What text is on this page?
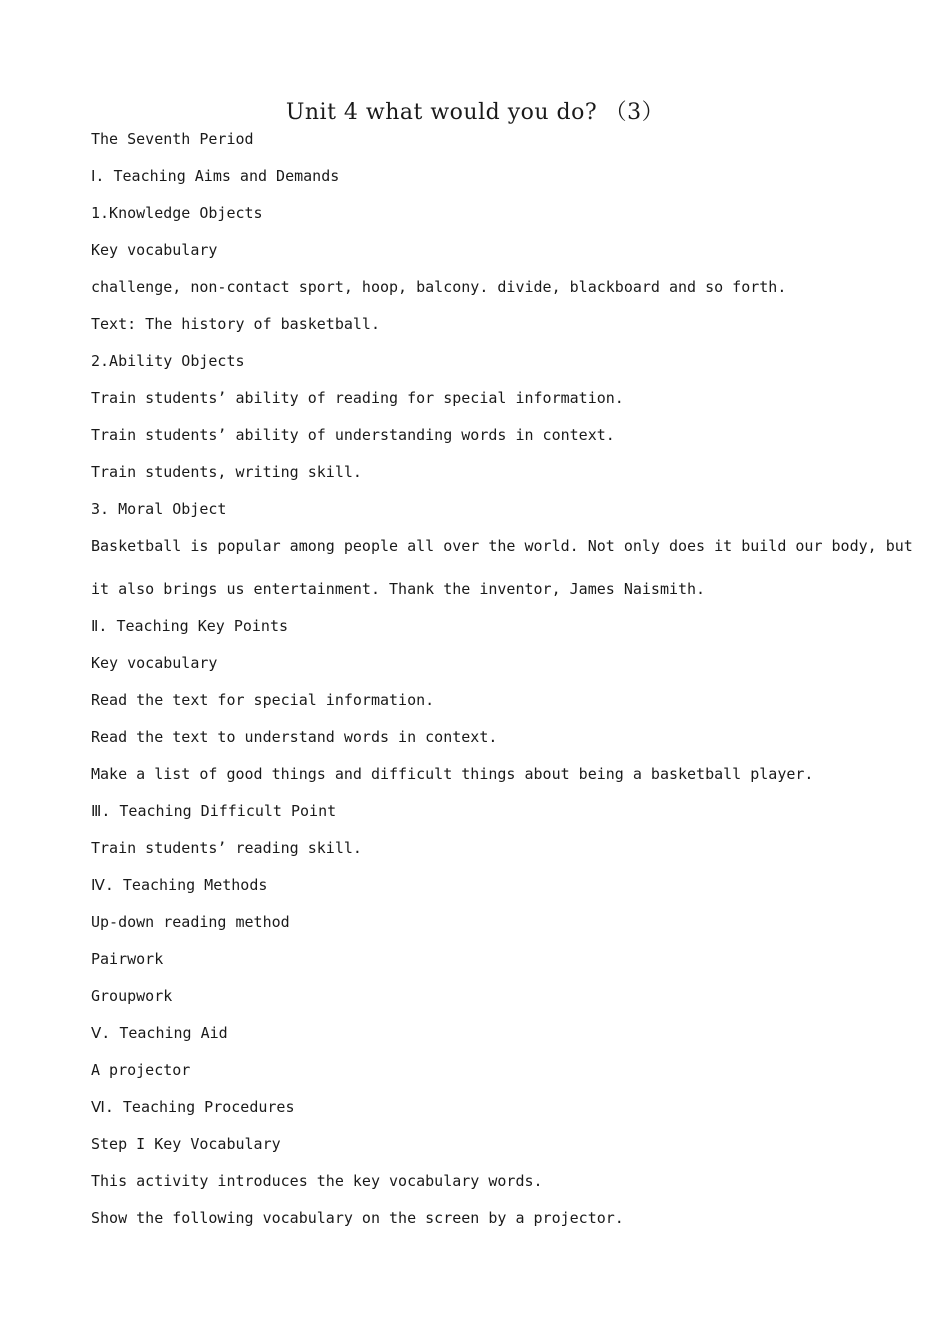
Unit 4 what would you do? （3）
The Seventh Period
Ⅰ. Teaching Aims and Demands
1.Knowledge Objects
Key vocabulary
challenge, non-contact sport, hoop, balcony. divide, blackboard and so forth.
Text: The history of basketball.
2.Ability Objects
Train students’ ability of reading for special information.
Train students’ ability of understanding words in context.
Train students, writing skill.
3. Moral Object
Basketball is popular among people all over the world. Not only does it build our body, but
it also brings us entertainment. Thank the inventor, James Naismith.
Ⅱ. Teaching Key Points
Key vocabulary
Read the text for special information.
Read the text to understand words in context.
Make a list of good things and difficult things about being a basketball player.
Ⅲ. Teaching Difficult Point
Train students’ reading skill.
Ⅳ. Teaching Methods
Up-down reading method
Pairwork
Groupwork
Ⅴ. Teaching Aid
A projector
Ⅵ. Teaching Procedures
Step I Key Vocabulary
This activity introduces the key vocabulary words.
Show the following vocabulary on the screen by a projector.
